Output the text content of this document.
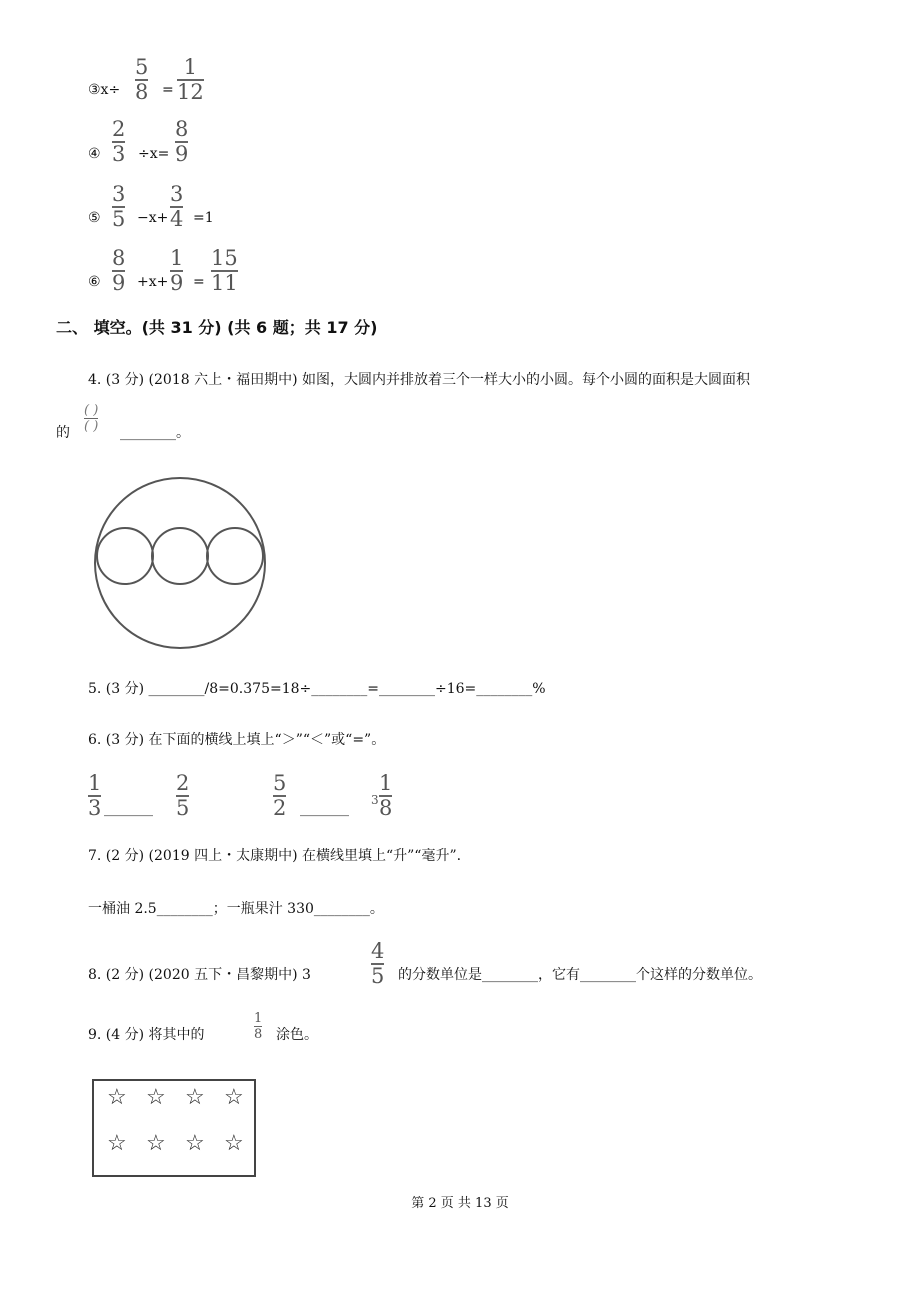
③x÷
5
8 =
1
12
④
2
3 ÷x=
8
9
⑤
3
5 −x+
3
4 =1
⑥
8
9 +x+
1
9 =
15
11
二、 填空。(共 31 分) (共 6 题；共 17 分)
4. (3 分) (2018 六上・福田期中) 如图，大圆内并排放着三个一样大小的小圆。每个小圆的面积是大圆面积
的
( )
( ) ________。
5. (3 分) ________/8=0.375=18÷________=________÷16=________%
6. (3 分) 在下面的横线上填上“＞”“＜”或“=”。
1
3 _______
2
5
5
2 _______
3
1
8
7. (2 分) (2019 四上・太康期中) 在横线里填上“升”“毫升”.
一桶油 2.5________；一瓶果汁 330________。
8. (2 分) (2020 五下・昌黎期中) 3
4
5 的分数单位是________，它有________个这样的分数单位。
9. (4 分) 将其中的
1
8 涂色。
☆ ☆ ☆ ☆
☆ ☆ ☆ ☆
第 2 页 共 13 页
